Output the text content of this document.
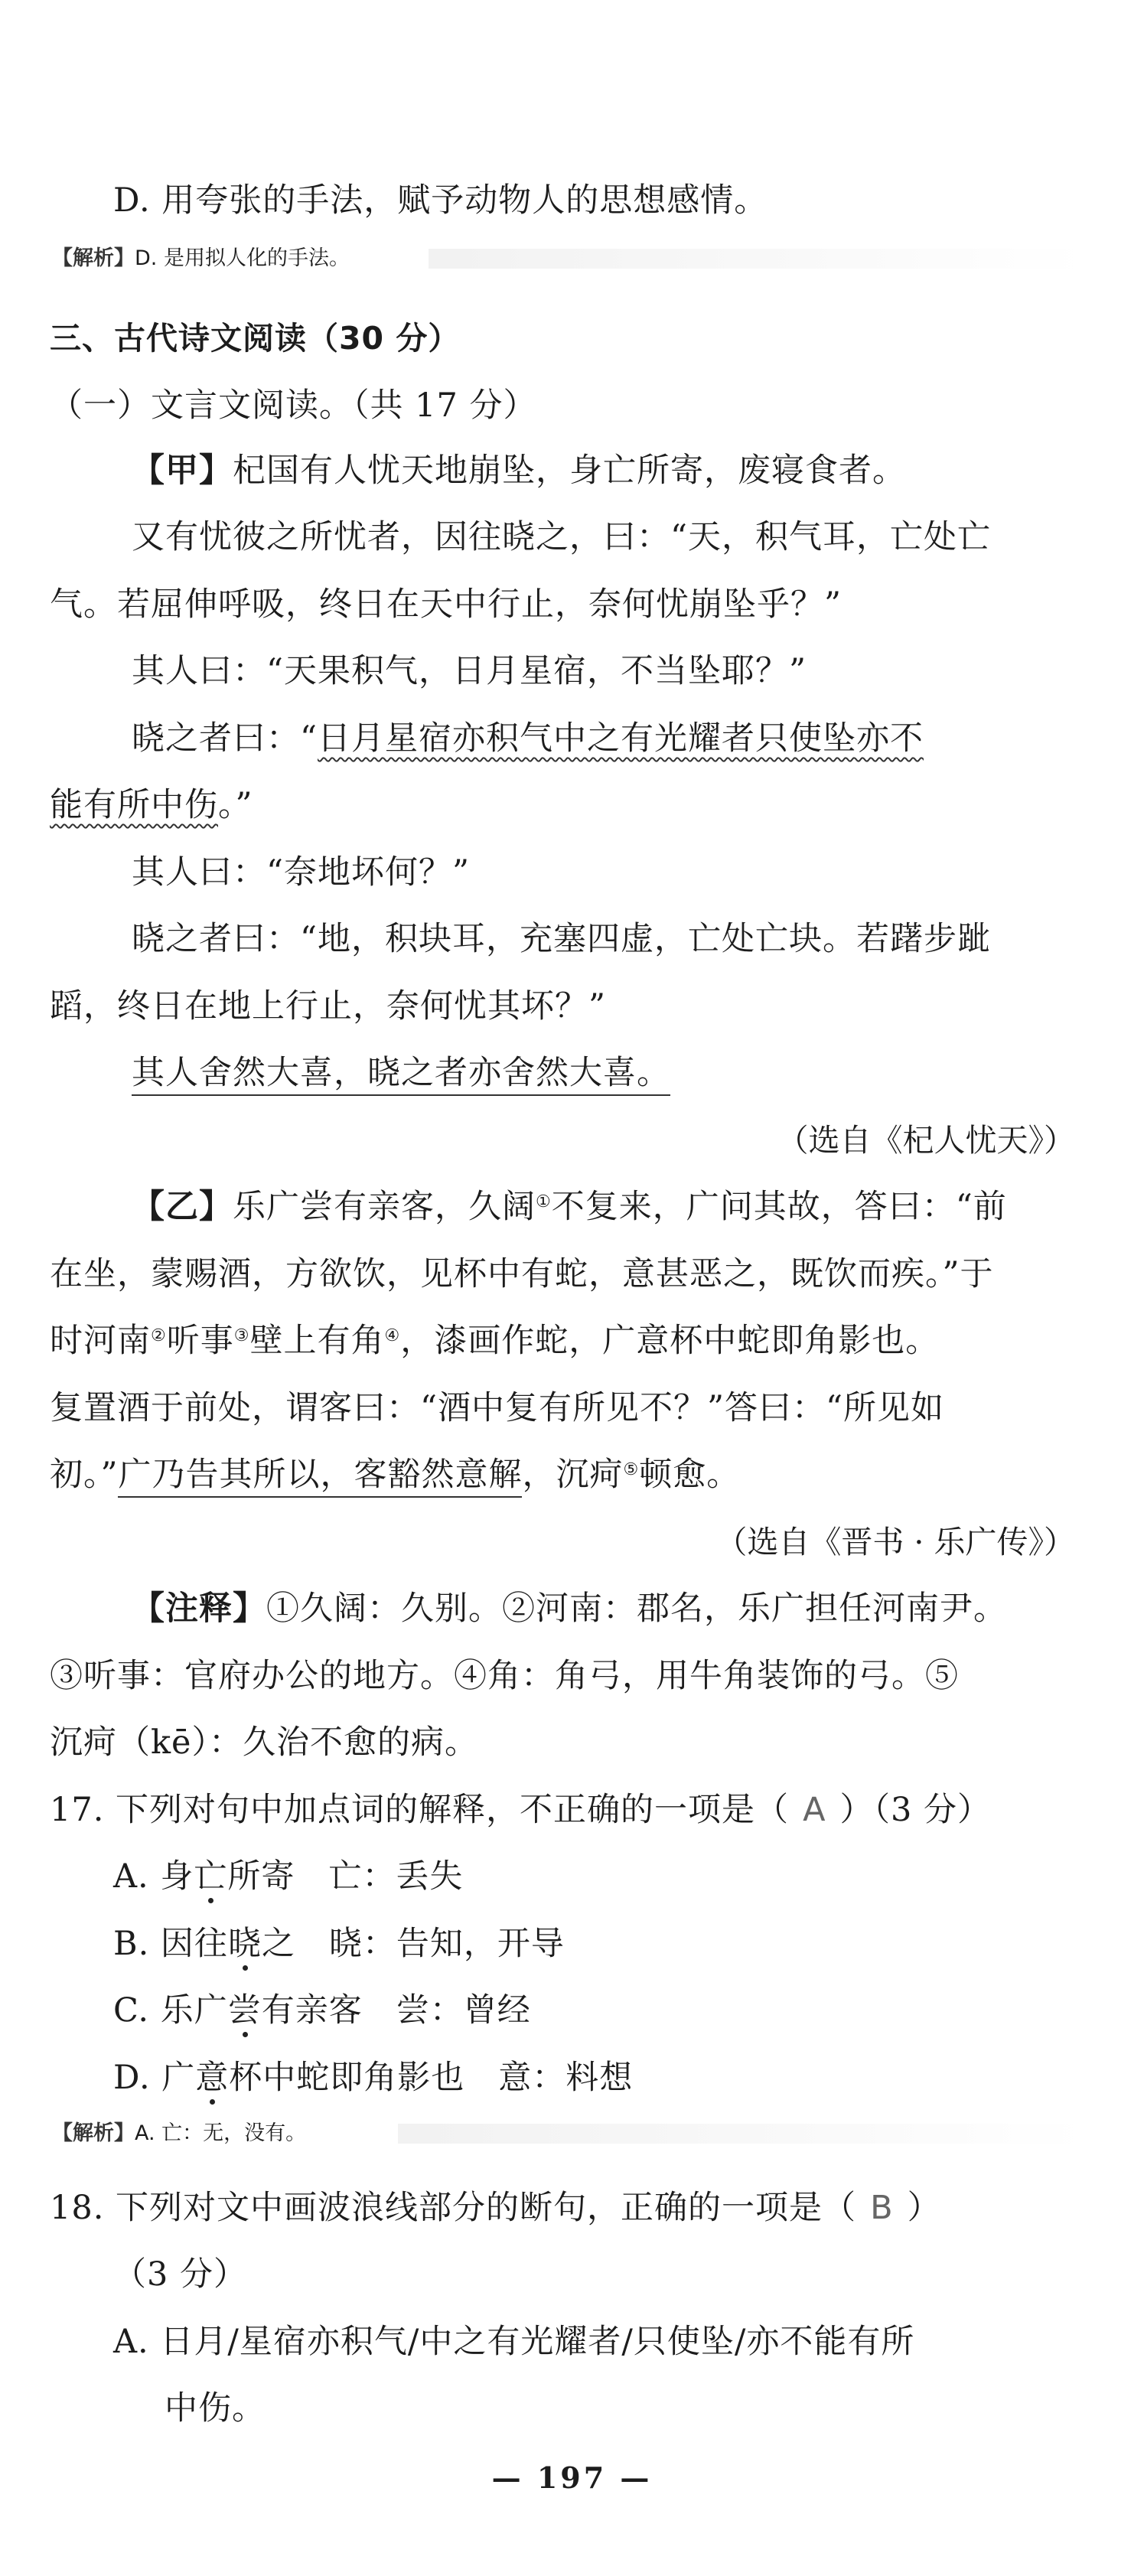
D. 用夸张的手法，赋予动物人的思想感情。
【解析】D. 是用拟人化的手法。
三、古代诗文阅读（30 分）
（一）文言文阅读。（共 17 分）
【甲】杞国有人忧天地崩坠，身亡所寄，废寝食者。
又有忧彼之所忧者，因往晓之，曰：“天，积气耳，亡处亡
气。若屈伸呼吸，终日在天中行止，奈何忧崩坠乎？”
其人曰：“天果积气，日月星宿，不当坠耶？”
晓之者曰：“日月星宿亦积气中之有光耀者只使坠亦不
能有所中伤。”
其人曰：“奈地坏何？”
晓之者曰：“地，积块耳，充塞四虚，亡处亡块。若躇步跐
蹈，终日在地上行止，奈何忧其坏？”
其人舍然大喜，晓之者亦舍然大喜。
（选自《杞人忧天》）
【乙】乐广尝有亲客，久阔①不复来，广问其故，答曰：“前
在坐，蒙赐酒，方欲饮，见杯中有蛇，意甚恶之，既饮而疾。”于
时河南②听事③壁上有角④，漆画作蛇，广意杯中蛇即角影也。
复置酒于前处，谓客曰：“酒中复有所见不？”答曰：“所见如
初。”广乃告其所以，客豁然意解，沉疴⑤顿愈。
（选自《晋书 · 乐广传》）
【注释】①久阔：久别。②河南：郡名，乐广担任河南尹。
③听事：官府办公的地方。④角：角弓，用牛角装饰的弓。⑤
沉疴（kē）：久治不愈的病。
17. 下列对句中加点词的解释，不正确的一项是（ A ）（3 分）
A. 身亡所寄　亡：丢失
B. 因往晓之　晓：告知，开导
C. 乐广尝有亲客　尝：曾经
D. 广意杯中蛇即角影也　意：料想
【解析】A. 亡：无，没有。
18. 下列对文中画波浪线部分的断句，正确的一项是（ B ）
（3 分）
A. 日月/星宿亦积气/中之有光耀者/只使坠/亦不能有所
中伤。
— 197 —
